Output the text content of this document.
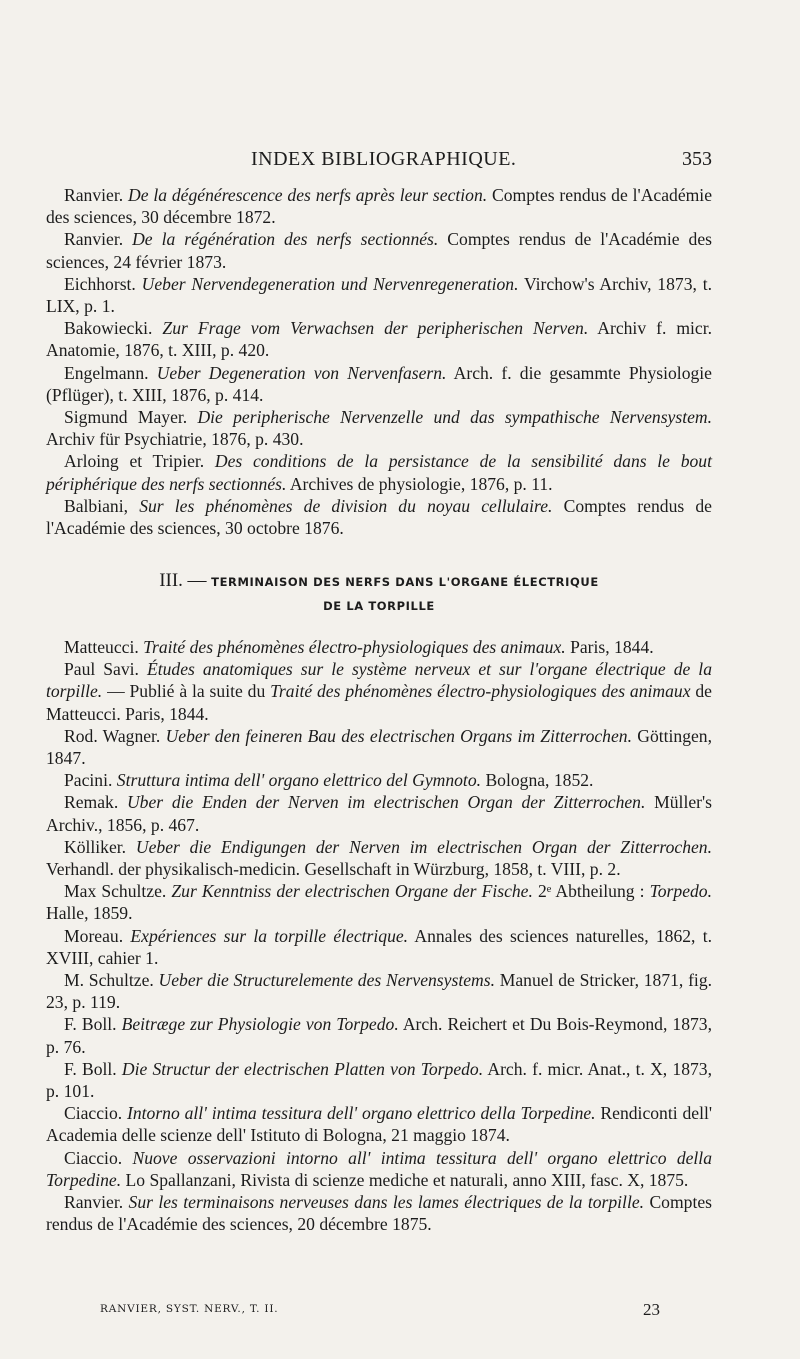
INDEX BIBLIOGRAPHIQUE.	353

Ranvier. De la dégénérescence des nerfs après leur section. Comptes rendus de l'Académie des sciences, 30 décembre 1872.

Ranvier. De la régénération des nerfs sectionnés. Comptes rendus de l'Académie des sciences, 24 février 1873.

Eichhorst. Ueber Nervendegeneration und Nervenregeneration. Virchow's Archiv, 1873, t. LIX, p. 1.

Bakowiecki. Zur Frage vom Verwachsen der peripherischen Nerven. Archiv f. micr. Anatomie, 1876, t. XIII, p. 420.

Engelmann. Ueber Degeneration von Nervenfasern. Arch. f. die gesammte Physiologie (Pflüger), t. XIII, 1876, p. 414.

Sigmund Mayer. Die peripherische Nervenzelle und das sympathische Nervensystem. Archiv für Psychiatrie, 1876, p. 430.

Arloing et Tripier. Des conditions de la persistance de la sensibilité dans le bout périphérique des nerfs sectionnés. Archives de physiologie, 1876, p. 11.

Balbiani, Sur les phénomènes de division du noyau cellulaire. Comptes rendus de l'Académie des sciences, 30 octobre 1876.

III. — TERMINAISON DES NERFS DANS L'ORGANE ÉLECTRIQUE
DE LA TORPILLE

Matteucci. Traité des phénomènes électro-physiologiques des animaux. Paris, 1844.

Paul Savi. Études anatomiques sur le système nerveux et sur l'organe électrique de la torpille. — Publié à la suite du Traité des phénomènes électro-physiologiques des animaux de Matteucci. Paris, 1844.

Rod. Wagner. Ueber den feineren Bau des electrischen Organs im Zitterrochen. Göttingen, 1847.

Pacini. Struttura intima dell' organo elettrico del Gymnoto. Bologna, 1852.

Remak. Uber die Enden der Nerven im electrischen Organ der Zitterrochen. Müller's Archiv., 1856, p. 467.

Kölliker. Ueber die Endigungen der Nerven im electrischen Organ der Zitterrochen. Verhandl. der physikalisch-medicin. Gesellschaft in Würzburg, 1858, t. VIII, p. 2.

Max Schultze. Zur Kenntniss der electrischen Organe der Fische. 2ᵉ Abtheilung : Torpedo. Halle, 1859.

Moreau. Expériences sur la torpille électrique. Annales des sciences naturelles, 1862, t. XVIII, cahier 1.

M. Schultze. Ueber die Structurelemente des Nervensystems. Manuel de Stricker, 1871, fig. 23, p. 119.

F. Boll. Beitræge zur Physiologie von Torpedo. Arch. Reichert et Du Bois-Reymond, 1873, p. 76.

F. Boll. Die Structur der electrischen Platten von Torpedo. Arch. f. micr. Anat., t. X, 1873, p. 101.

Ciaccio. Intorno all' intima tessitura dell' organo elettrico della Torpedine. Rendiconti dell' Academia delle scienze dell' Istituto di Bologna, 21 maggio 1874.

Ciaccio. Nuove osservazioni intorno all' intima tessitura dell' organo elettrico della Torpedine. Lo Spallanzani, Rivista di scienze mediche et naturali, anno XIII, fasc. X, 1875.

Ranvier. Sur les terminaisons nerveuses dans les lames électriques de la torpille. Comptes rendus de l'Académie des sciences, 20 décembre 1875.

RANVIER, SYST. NERV., T. II.	23
